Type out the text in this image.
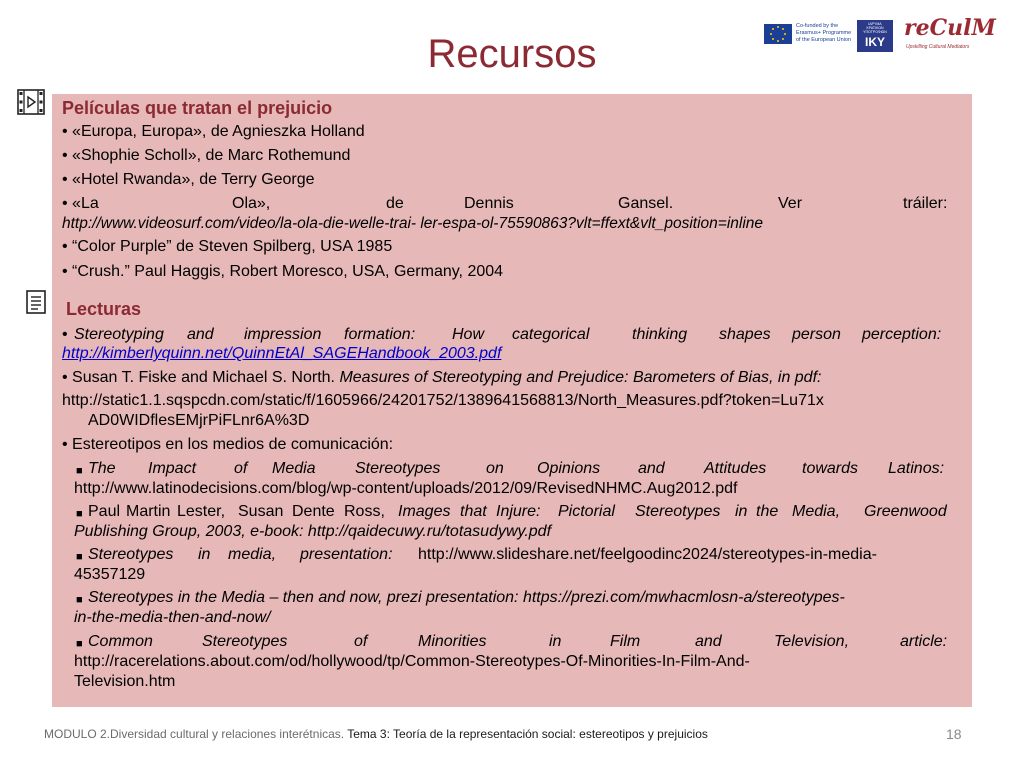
Recursos
Co-funded by the Erasmus+ Programme of the European Union
ΙΔΡΥΜΑ ΚΡΑΤΙΚΩΝ ΥΠΟΤΡΟΦΙΩΝ
IKY
reCulM
Upskilling Cultural Mediators
Películas que tratan el prejuicio
• «Europa, Europa», de Agnieszka Holland
• «Shophie Scholl», de Marc Rothemund
• «Hotel Rwanda», de Terry George
• «La	Ola»,	de	Dennis	Gansel.	Ver	tráiler:
http://www.videosurf.com/video/la-ola-die-welle-trai- ler-espa-ol-75590863?vlt=ffext&vlt_position=inline
• “Color Purple” de Steven Spilberg, USA 1985
• “Crush.” Paul Haggis, Robert Moresco, USA, Germany, 2004
Lecturas
• Stereotyping and impression formation: How categorical	thinking shapes person perception:
http://kimberlyquinn.net/QuinnEtAl_SAGEHandbook_2003.pdf
• Susan T. Fiske and Michael S. North. Measures of Stereotyping and Prejudice: Barometers of Bias, in pdf:
http://static1.1.sqspcdn.com/static/f/1605966/24201752/1389641568813/North_Measures.pdf?token=Lu71x
AD0WIDflesEMjrPiFLnr6A%3D
• Estereotipos en los medios de comunicación:
■ The Impact of Media Stereotypes	on Opinions and Attitudes towards Latinos:
http://www.latinodecisions.com/blog/wp-content/uploads/2012/09/RevisedNHMC.Aug2012.pdf
■ Paul Martin Lester, Susan Dente Ross, Images that Injure: Pictorial Stereotypes in the Media, Greenwood
Publishing Group, 2003, e-book: http://qaidecuwy.ru/totasudywy.pdf
■ Stereotypes in media, presentation: http://www.slideshare.net/feelgoodinc2024/stereotypes-in-media-
45357129
■ Stereotypes in the Media – then and now, prezi presentation: https://prezi.com/mwhacmlosn-a/stereotypes-
in-the-media-then-and-now/
■ Common	Stereotypes	of	Minorities	in	Film	and	Television,	article:
http://racerelations.about.com/od/hollywood/tp/Common-Stereotypes-Of-Minorities-In-Film-And-
Television.htm
MODULO 2.Diversidad cultural y relaciones interétnicas. Tema 3: Teoría de la representación social: estereotipos y prejuicios	18
